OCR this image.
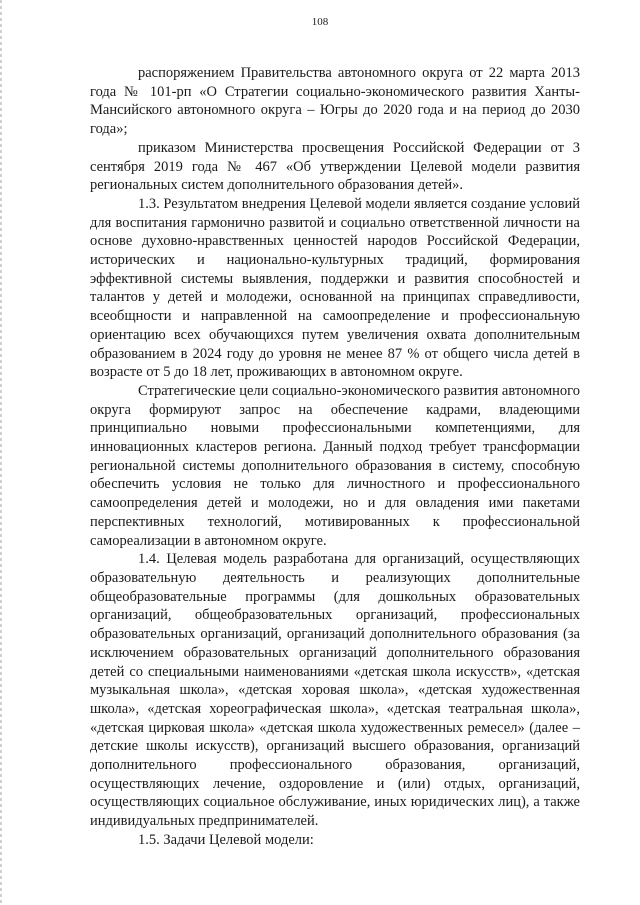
108

распоряжением Правительства автономного округа от 22 марта 2013 года № 101-рп «О Стратегии социально-экономического развития Ханты-Мансийского автономного округа – Югры до 2020 года и на период до 2030 года»;

приказом Министерства просвещения Российской Федерации от 3 сентября 2019 года № 467 «Об утверждении Целевой модели развития региональных систем дополнительного образования детей».

1.3. Результатом внедрения Целевой модели является создание условий для воспитания гармонично развитой и социально ответственной личности на основе духовно-нравственных ценностей народов Российской Федерации, исторических и национально-культурных традиций, формирования эффективной системы выявления, поддержки и развития способностей и талантов у детей и молодежи, основанной на принципах справедливости, всеобщности и направленной на самоопределение и профессиональную ориентацию всех обучающихся путем увеличения охвата дополнительным образованием в 2024 году до уровня не менее 87 % от общего числа детей в возрасте от 5 до 18 лет, проживающих в автономном округе.

Стратегические цели социально-экономического развития автономного округа формируют запрос на обеспечение кадрами, владеющими принципиально новыми профессиональными компетенциями, для инновационных кластеров региона. Данный подход требует трансформации региональной системы дополнительного образования в систему, способную обеспечить условия не только для личностного и профессионального самоопределения детей и молодежи, но и для овладения ими пакетами перспективных технологий, мотивированных к профессиональной самореализации в автономном округе.

1.4. Целевая модель разработана для организаций, осуществляющих образовательную деятельность и реализующих дополнительные общеобразовательные программы (для дошкольных образовательных организаций, общеобразовательных организаций, профессиональных образовательных организаций, организаций дополнительного образования (за исключением образовательных организаций дополнительного образования детей со специальными наименованиями «детская школа искусств», «детская музыкальная школа», «детская хоровая школа», «детская художественная школа», «детская хореографическая школа», «детская театральная школа», «детская цирковая школа» «детская школа художественных ремесел» (далее – детские школы искусств), организаций высшего образования, организаций дополнительного профессионального образования, организаций, осуществляющих лечение, оздоровление и (или) отдых, организаций, осуществляющих социальное обслуживание, иных юридических лиц), а также индивидуальных предпринимателей.

1.5. Задачи Целевой модели:
